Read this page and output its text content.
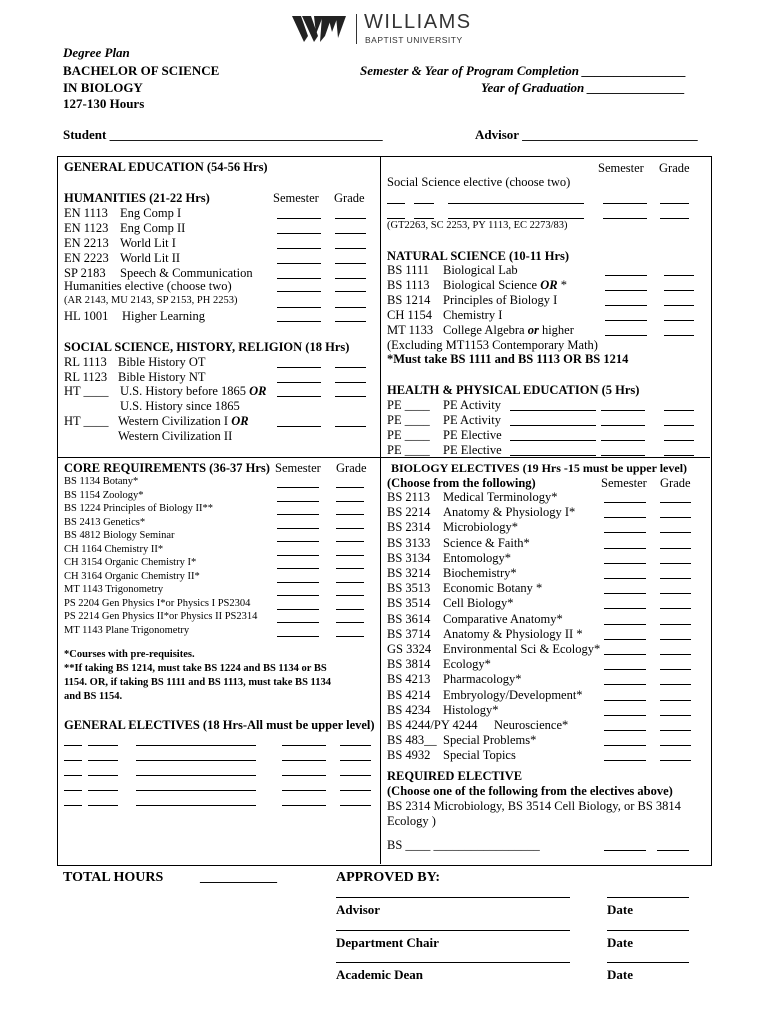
WILLIAMS
BAPTIST UNIVERSITY
Degree Plan
BACHELOR OF SCIENCE
IN BIOLOGY
127-130 Hours
Semester & Year of Program Completion ________________
Year of Graduation _______________
Student __________________________________________	Advisor ___________________________
GENERAL EDUCATION (54-56 Hrs)
HUMANITIES (21-22 Hrs)	Semester Grade
Humanities elective (choose two)
(AR 2143, MU 2143, SP 2153, PH 2253)
HL 1001 Higher Learning
SOCIAL SCIENCE, HISTORY, RELIGION (18 Hrs)
RL 1113 Bible History OT
RL 1123 Bible History NT
HT ____ U.S. History before 1865 OR
U.S. History since 1865
HT ____ Western Civilization I OR
Western Civilization II
CORE REQUIREMENTS (36-37 Hrs) Semester Grade
*Courses with pre-requisites.
**If taking BS 1214, must take BS 1224 and BS 1134 or BS
1154. OR, if taking BS 1111 and BS 1113, must take BS 1134
and BS 1154.
GENERAL ELECTIVES (18 Hrs-All must be upper level)
Semester Grade
Social Science elective (choose two)
(GT2263, SC 2253, PY 1113, EC 2273/83)
NATURAL SCIENCE (10-11 Hrs)
(Excluding MT1153 Contemporary Math)
*Must take BS 1111 and BS 1113 OR BS 1214
HEALTH & PHYSICAL EDUCATION (5 Hrs)
BIOLOGY ELECTIVES (19 Hrs -15 must be upper level)
(Choose from the following)	Semester Grade
REQUIRED ELECTIVE
(Choose one of the following from the electives above)
BS 2314 Microbiology, BS 3514 Cell Biology, or BS 3814
Ecology )
BS ____ _________________
TOTAL HOURS	___________	APPROVED BY:
Advisor	Date
Department Chair	Date
Academic Dean	Date
EN 1113 Eng Comp I
EN 1123 Eng Comp II
EN 2213 World Lit I
EN 2223 World Lit II
SP 2183 Speech & Communication
BS 1134 Botany*
BS 1154 Zoology*
BS 1224 Principles of Biology II**
BS 2413 Genetics*
BS 4812 Biology Seminar
CH 1164 Chemistry II*
CH 3154 Organic Chemistry I*
CH 3164 Organic Chemistry II*
MT 1143 Trigonometry
PS 2204 Gen Physics I*or Physics I PS2304
PS 2214 Gen Physics II*or Physics II PS2314
MT 1143 Plane Trigonometry
BS 1111 Biological Lab
BS 1113 Biological Science OR *
BS 1214 Principles of Biology I
CH 1154 Chemistry I
MT 1133 College Algebra or higher
PE ____ PE Activity
PE ____ PE Activity
PE ____ PE Elective
PE ____ PE Elective
BS 2113 Medical Terminology*
BS 2214 Anatomy & Physiology I*
BS 2314 Microbiology*
BS 3133 Science & Faith*
BS 3134 Entomology*
BS 3214 Biochemistry*
BS 3513 Economic Botany *
BS 3514 Cell Biology*
BS 3614 Comparative Anatomy*
BS 3714 Anatomy & Physiology II *
GS 3324 Environmental Sci & Ecology*
BS 3814 Ecology*
BS 4213 Pharmacology*
BS 4214 Embryology/Development*
BS 4234 Histology*
BS 4244/PY 4244 Neuroscience*
BS 483__ Special Problems*
BS 4932 Special Topics
